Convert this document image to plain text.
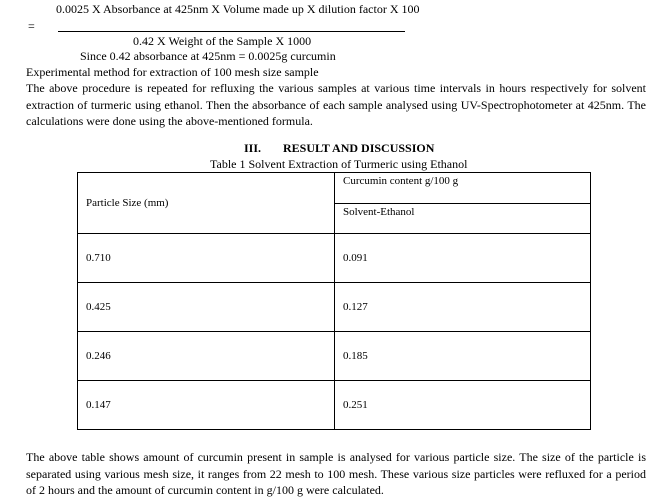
0.0025 X Absorbance at 425nm X Volume made up X dilution factor X 100
=
0.42 X Weight of the Sample X 1000
Since 0.42 absorbance at 425nm = 0.0025g curcumin
Experimental method for extraction of 100 mesh size sample
The above procedure is repeated for refluxing the various samples at various time intervals in hours respectively for solvent extraction of turmeric using ethanol. Then the absorbance of each sample analysed using UV-Spectrophotometer at 425nm. The calculations were done using the above-mentioned formula.
III. RESULT AND DISCUSSION
Table 1 Solvent Extraction of Turmeric using Ethanol
Particle Size (mm)	Curcumin content g/100 g
	Solvent-Ethanol
0.710	0.091
0.425	0.127
0.246	0.185
0.147	0.251
The above table shows amount of curcumin present in sample is analysed for various particle size. The size of the particle is separated using various mesh size, it ranges from 22 mesh to 100 mesh. These various size particles were refluxed for a period of 2 hours and the amount of curcumin content in g/100 g were calculated.
